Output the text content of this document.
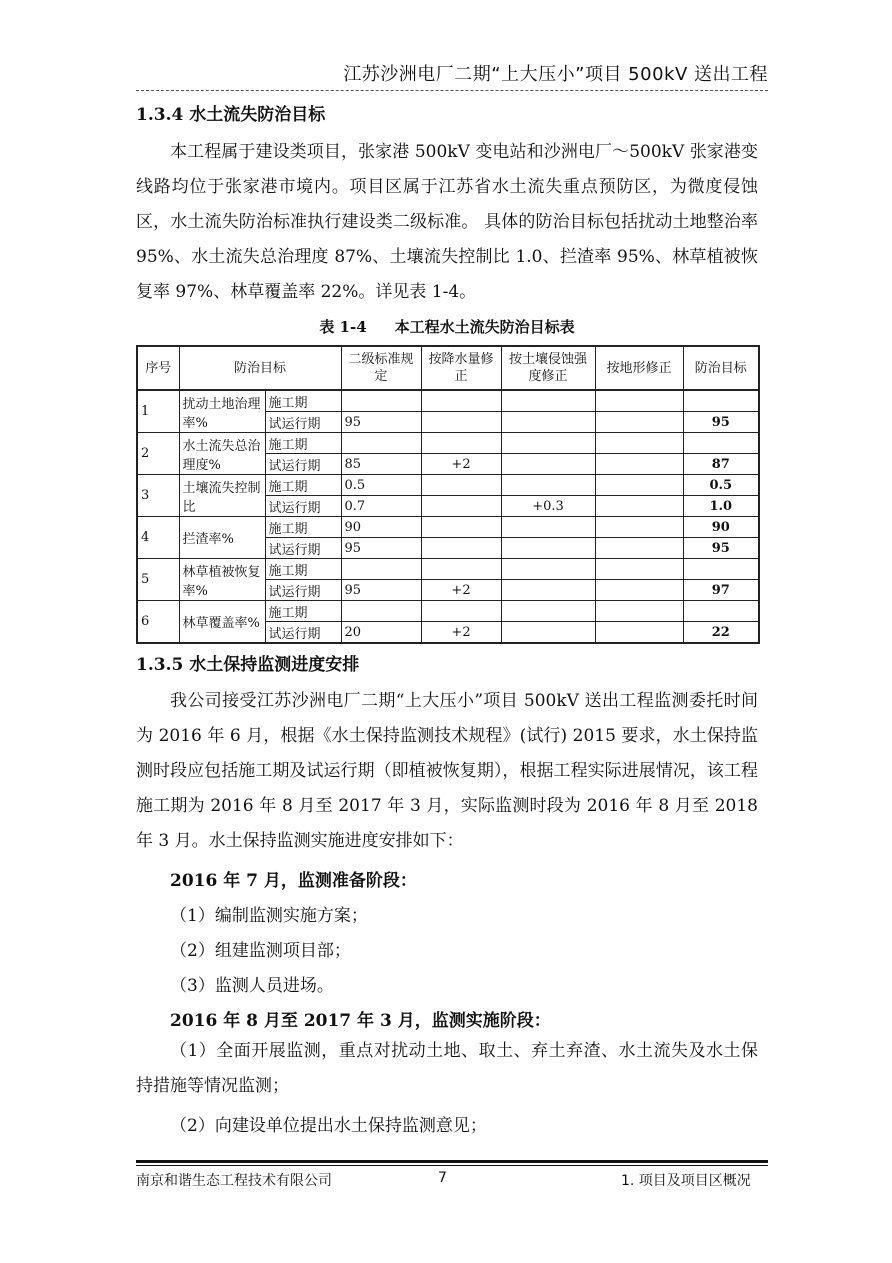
江苏沙洲电厂二期“上大压小”项目 500kV 送出工程
1.3.4 水土流失防治目标

本工程属于建设类项目，张家港 500kV 变电站和沙洲电厂～500kV 张家港变线路均位于张家港市境内。项目区属于江苏省水土流失重点预防区，为微度侵蚀区，水土流失防治标准执行建设类二级标准。 具体的防治目标包括扰动土地整治率 95%、水土流失总治理度 87%、土壤流失控制比 1.0、拦渣率 95%、林草植被恢复率 97%、林草覆盖率 22%。详见表 1-4。

表 1-4 本工程水土流失防治目标表
序号	防治目标		二级标准规定	按降水量修正	按土壤侵蚀强度修正	按地形修正	防治目标
1	扰动土地治理率%	施工期					
		试运行期	95				95
2	水土流失总治理度%	施工期					
		试运行期	85	+2			87
3	土壤流失控制比	施工期	0.5				0.5
		试运行期	0.7		+0.3		1.0
4	拦渣率%	施工期	90				90
		试运行期	95				95
5	林草植被恢复率%	施工期					
		试运行期	95	+2			97
6	林草覆盖率%	施工期					
		试运行期	20	+2			22
1.3.5 水土保持监测进度安排

我公司接受江苏沙洲电厂二期“上大压小”项目 500kV 送出工程监测委托时间为 2016 年 6 月，根据《水土保持监测技术规程》(试行) 2015 要求，水土保持监测时段应包括施工期及试运行期（即植被恢复期），根据工程实际进展情况，该工程施工期为 2016 年 8 月至 2017 年 3 月，实际监测时段为 2016 年 8 月至 2018 年 3 月。水土保持监测实施进度安排如下：

2016 年 7 月，监测准备阶段：
（1）编制监测实施方案；
（2）组建监测项目部；
（3）监测人员进场。
2016 年 8 月至 2017 年 3 月，监测实施阶段：

（1）全面开展监测，重点对扰动土地、取土、弃土弃渣、水土流失及水土保持措施等情况监测；

（2）向建设单位提出水土保持监测意见；
南京和谐生态工程技术有限公司	7	1. 项目及项目区概况
